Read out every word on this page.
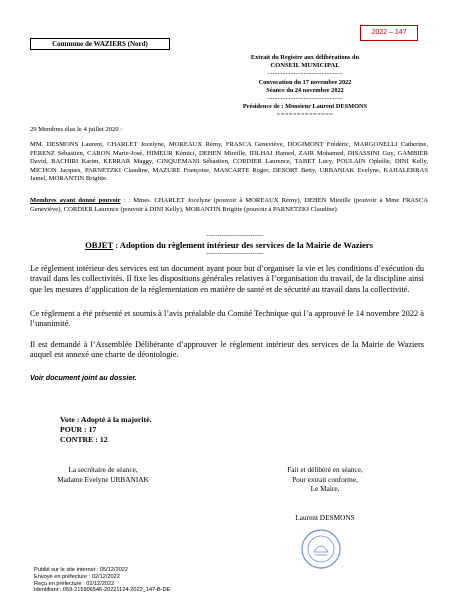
2022 – 147
Commune de WAZIERS (Nord)
Extrait du Registre aux délibérations du
CONSEIL MUNICIPAL
-----------------------------
Convocation du 17 novembre 2022
Séance du 24 novembre 2022
-----------------------------
Présidence de : Monsieur Laurent DESMONS
==============
29 Membres élus le 4 juillet 2020 :
MM. DESMONS Laurent, CHARLET Jocelyne, MOREAUX Rémy, FRASCA Geneviève, DOGIMONT Frédéric, MARGONELLI Catherine, FERENZ Sébastien, CARON Marie-José, HIMEUR Kémici, DEHEN Mireille, IDLHAJ Hamed, ZAIR Mohamed, DISASSINI Guy, GAMBIER David, BACHIRI Karim, KERRAR Maggy, CINQUEMANI Sébastien, CORDIER Laurence, TABET Lucy, POULAIN Ophélie, DINI Kelly, MICHON Jacques, PARNETZKI Claudine, MAZURE Françoise, MASCARTE Roger, DESORT Betty, URBANIAK Evelyne, KAHALERRAS Jamel, MORANTIN Brigitte.
Membres ayant donné pouvoir : : Mmes. CHARLET Jocelyne (pouvoir à MOREAUX Rémy), DEHEN Mireille (pouvoir à Mme FRASCA Geneviève), CORDIER Laurence (pouvoir à DINI Kelly), MORANTIN Brigitte (pouvoir à PARNETZKI Claudine).
--------------------------
OBJET : Adoption du règlement intérieur des services de la Mairie de Waziers
--------------------------
Le règlement intérieur des services est un document ayant pour but d’organiser la vie et les conditions d’exécution du travail dans les collectivités. Il fixe les dispositions générales relatives à l’organisation du travail, de la discipline ainsi que les mesures d’application de la réglementation en matière de santé et de sécurité au travail dans la collectivité.
Ce règlement a été présenté et soumis à l’avis préalable du Comité Technique qui l’a approuvé le 14 novembre 2022 à l’unanimité.
Il est demandé à l’Assemblée Délibérante d’approuver le règlement intérieur des services de la Mairie de Waziers auquel est annexé une charte de déontologie.
Voir document joint au dossier.
Vote : Adopté à la majorité.
POUR : 17
CONTRE : 12
La secrétaire de séance,
Madame Evelyne URBANIAK
Fait et délibéré en séance,
Pour extrait conforme,
Le Maire,
Laurent DESMONS
Publié sur le site internet : 05/12/2022
Envoyé en préfecture : 02/12/2022
Reçu en préfecture : 02/12/2022
Identifiant : 059-215906546-20221124-2022_147-B-DE
